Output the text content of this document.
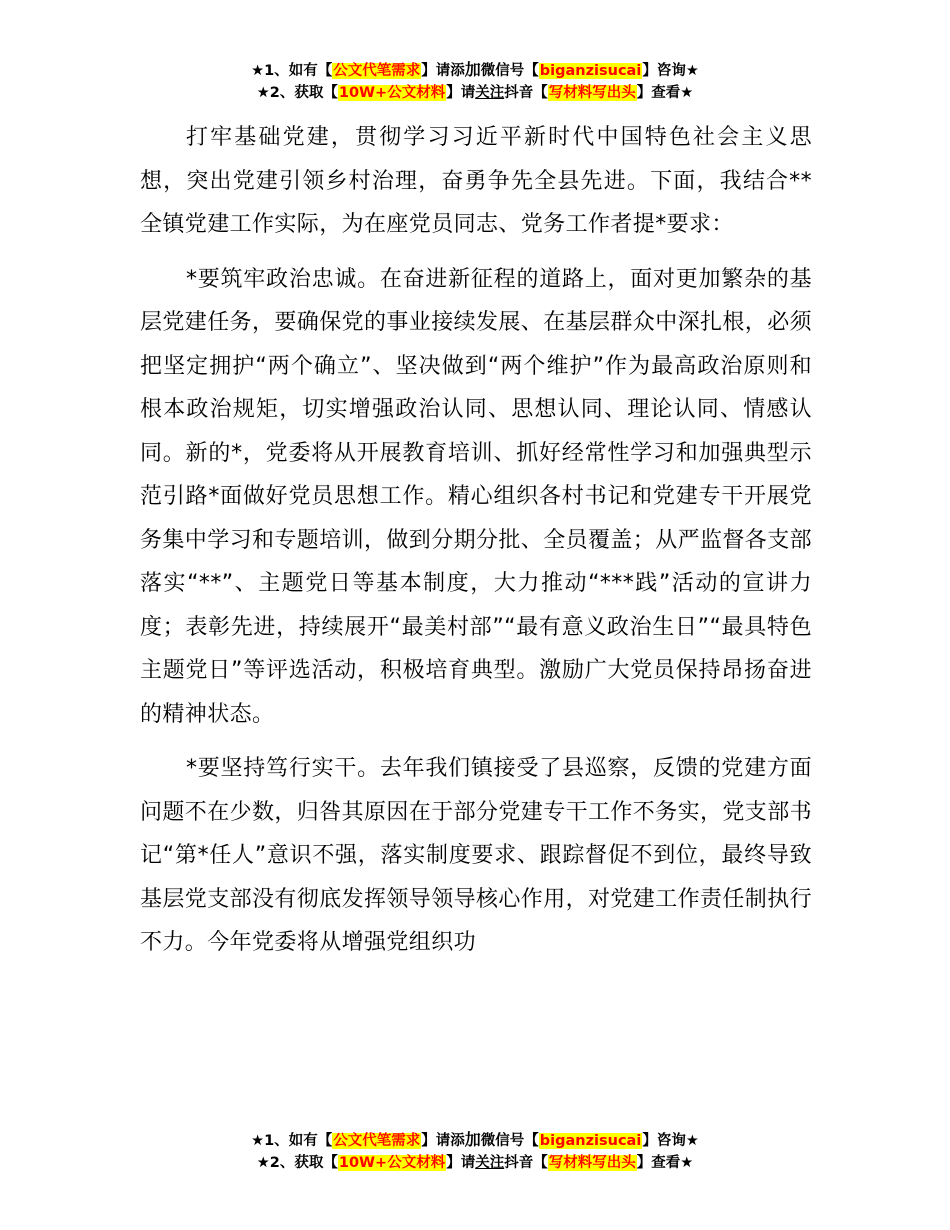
★1、如有【公文代笔需求】请添加微信号【biganzisucai】咨询★
★2、获取【10W+公文材料】请关注抖音【写材料写出头】查看★

打牢基础党建，贯彻学习习近平新时代中国特色社会主义思想，突出党建引领乡村治理，奋勇争先全县先进。下面，我结合**全镇党建工作实际，为在座党员同志、党务工作者提*要求：

*要筑牢政治忠诚。在奋进新征程的道路上，面对更加繁杂的基层党建任务，要确保党的事业接续发展、在基层群众中深扎根，必须把坚定拥护“两个确立”、坚决做到“两个维护”作为最高政治原则和根本政治规矩，切实增强政治认同、思想认同、理论认同、情感认同。新的*，党委将从开展教育培训、抓好经常性学习和加强典型示范引路*面做好党员思想工作。精心组织各村书记和党建专干开展党务集中学习和专题培训，做到分期分批、全员覆盖；从严监督各支部落实“**”、主题党日等基本制度，大力推动“***践”活动的宣讲力度；表彰先进，持续展开“最美村部”“最有意义政治生日”“最具特色主题党日”等评选活动，积极培育典型。激励广大党员保持昂扬奋进的精神状态。

*要坚持笃行实干。去年我们镇接受了县巡察，反馈的党建方面问题不在少数，归咎其原因在于部分党建专干工作不务实，党支部书记“第*任人”意识不强，落实制度要求、跟踪督促不到位，最终导致基层党支部没有彻底发挥领导领导核心作用，对党建工作责任制执行不力。今年党委将从增强党组织功

★1、如有【公文代笔需求】请添加微信号【biganzisucai】咨询★
★2、获取【10W+公文材料】请关注抖音【写材料写出头】查看★
